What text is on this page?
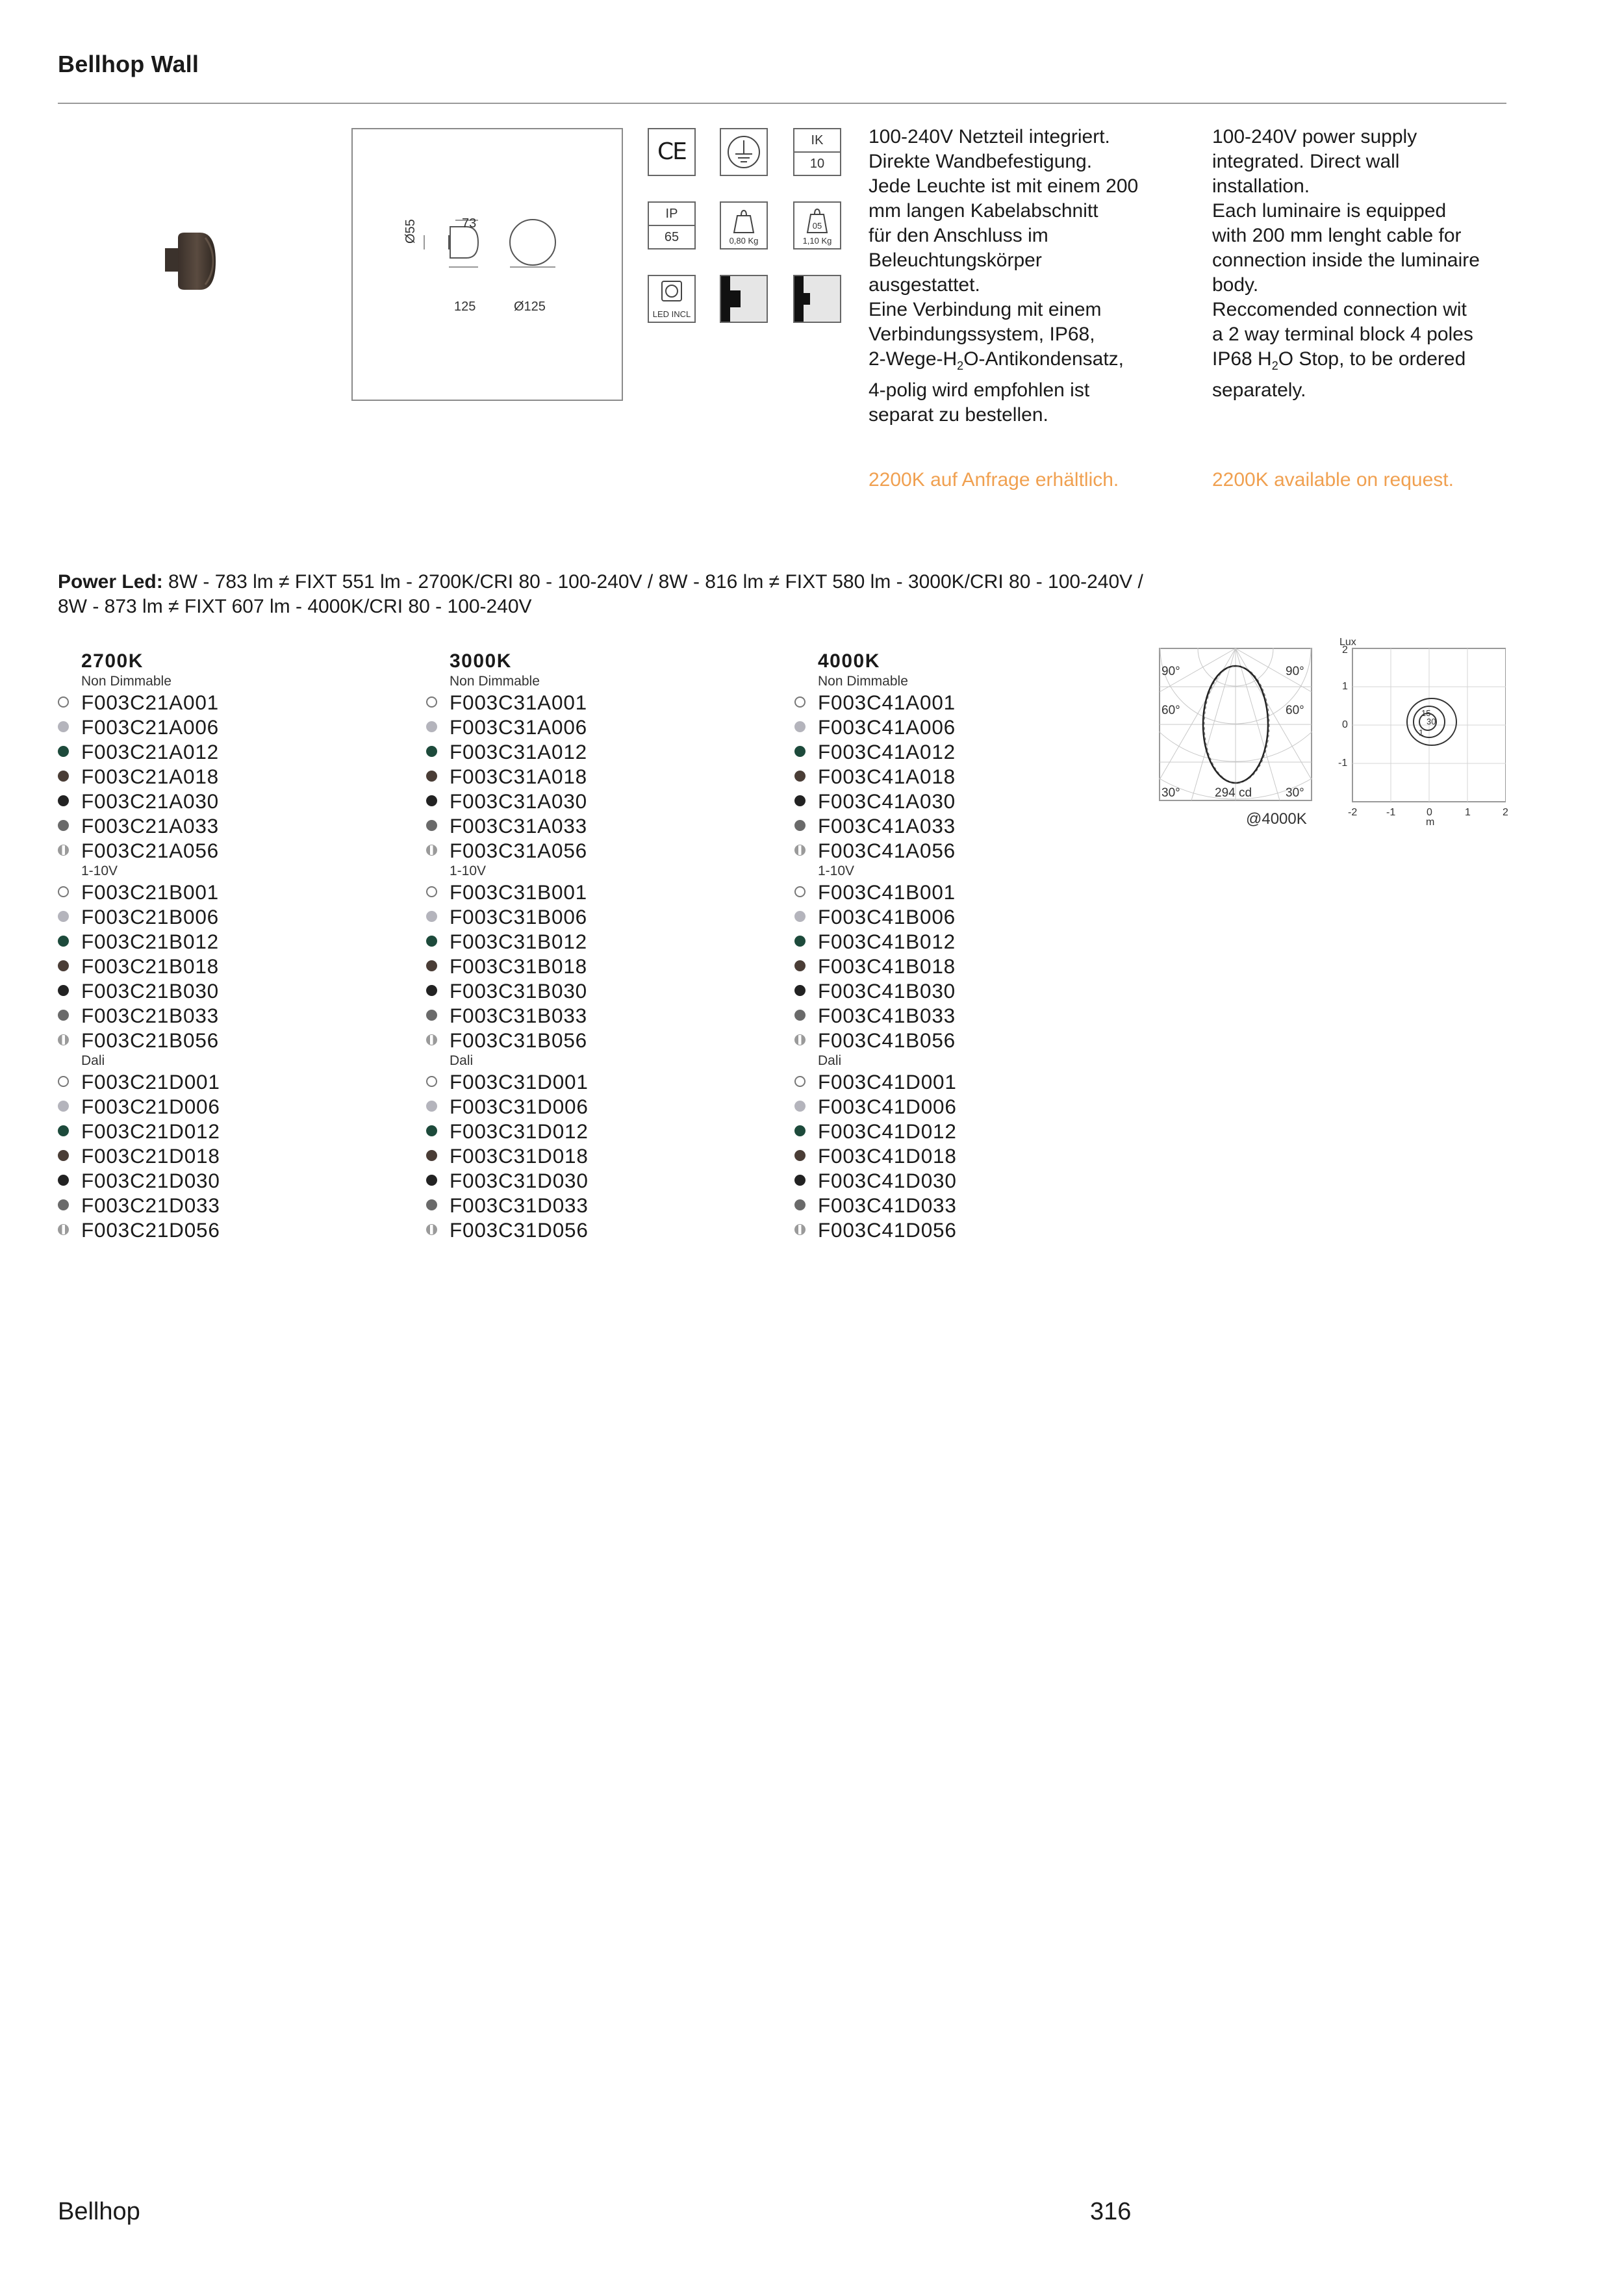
Bellhop Wall
73
Ø55
125	Ø125
CE	IK
10
IP
65	0,80 Kg
05
1,10 Kg
LED INCL
100-240V Netzteil integriert.
Direkte Wandbefestigung.
Jede Leuchte ist mit einem 200
mm langen Kabelabschnitt
für den Anschluss im
Beleuchtungskörper
ausgestattet.
Eine Verbindung mit einem
Verbindungssystem, IP68,
$2-Wege-H_2O$-Antikondensatz,
4-polig wird empfohlen ist
separat zu bestellen.
2200K auf Anfrage erhältlich.
100-240V power supply
integrated. Direct wall
installation.
Each luminaire is equipped
with 200 mm lenght cable for
connection inside the luminaire
body.
Reccomended connection wit
a 2 way terminal block 4 poles
IP68 $H_2O$ Stop, to be ordered
separately.
2200K available on request.
Power Led: 8W - 783 lm ≠ FIXT 551 lm - 2700K/CRI 80 - 100-240V / 8W - 816 lm ≠ FIXT 580 lm - 3000K/CRI 80 - 100-240V /
8W - 873 lm ≠ FIXT 607 lm - 4000K/CRI 80 - 100-240V
2700K
Non Dimmable
F003C21A001
F003C21A006
F003C21A012
F003C21A018
F003C21A030
F003C21A033
F003C21A056
1-10V
F003C21B001
F003C21B006
F003C21B012
F003C21B018
F003C21B030
F003C21B033
F003C21B056
Dali
F003C21D001
F003C21D006
F003C21D012
F003C21D018
F003C21D030
F003C21D033
F003C21D056
3000K
Non Dimmable
F003C31A001
F003C31A006
F003C31A012
F003C31A018
F003C31A030
F003C31A033
F003C31A056
1-10V
F003C31B001
F003C31B006
F003C31B012
F003C31B018
F003C31B030
F003C31B033
F003C31B056
Dali
F003C31D001
F003C31D006
F003C31D012
F003C31D018
F003C31D030
F003C31D033
F003C31D056
4000K
Non Dimmable
F003C41A001
F003C41A006
F003C41A012
F003C41A018
F003C41A030
F003C41A033
F003C41A056
1-10V
F003C41B001
F003C41B006
F003C41B012
F003C41B018
F003C41B030
F003C41B033
F003C41B056
Dali
F003C41D001
F003C41D006
F003C41D012
F003C41D018
F003C41D030
F003C41D033
F003C41D056
90°	90°
60°	60°
30°	30°
294 cd
@4000K
Lux
2
1
0
-1
-2	-1	0	1	2
m
15
30
1
Bellhop	316
